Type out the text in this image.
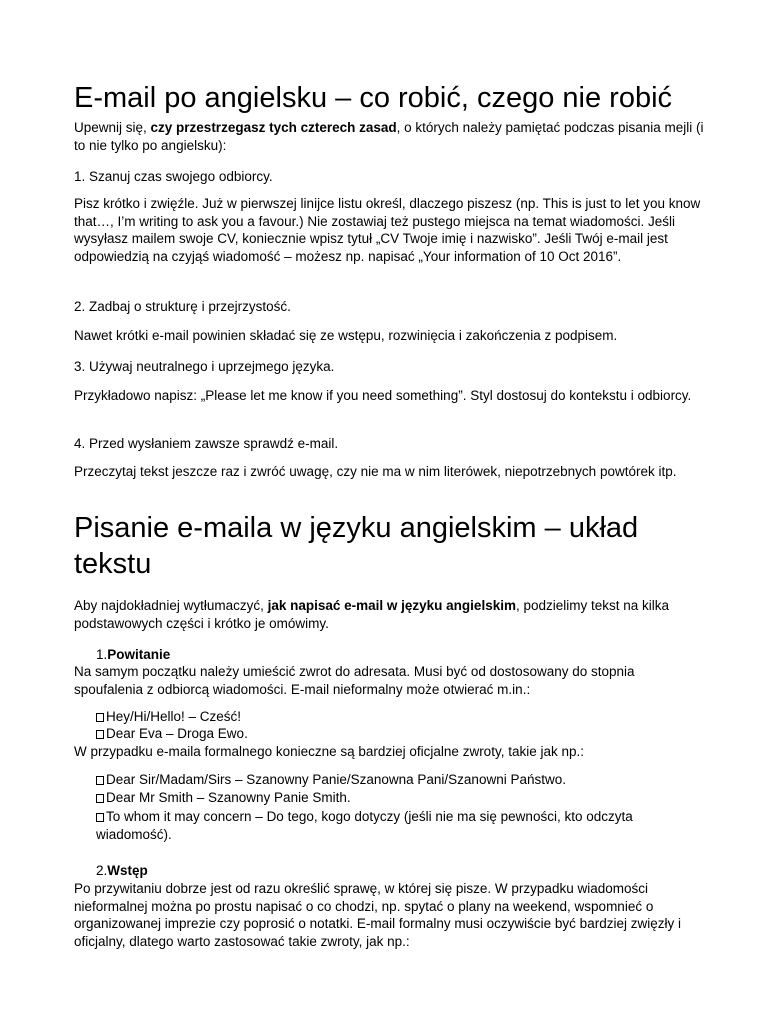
E-mail po angielsku – co robić, czego nie robić

Upewnij się, czy przestrzegasz tych czterech zasad, o których należy pamiętać podczas pisania mejli (i to nie tylko po angielsku):

1. Szanuj czas swojego odbiorcy.

Pisz krótko i zwięźle. Już w pierwszej linijce listu określ, dlaczego piszesz (np. This is just to let you know that…, I’m writing to ask you a favour.) Nie zostawiaj też pustego miejsca na temat wiadomości. Jeśli wysyłasz mailem swoje CV, koniecznie wpisz tytuł „CV Twoje imię i nazwisko”. Jeśli Twój e-mail jest odpowiedzią na czyjąś wiadomość – możesz np. napisać „Your information of 10 Oct 2016”.

2. Zadbaj o strukturę i przejrzystość.

Nawet krótki e-mail powinien składać się ze wstępu, rozwinięcia i zakończenia z podpisem.

3. Używaj neutralnego i uprzejmego języka.

Przykładowo napisz: „Please let me know if you need something”. Styl dostosuj do kontekstu i odbiorcy.

4. Przed wysłaniem zawsze sprawdź e-mail.

Przeczytaj tekst jeszcze raz i zwróć uwagę, czy nie ma w nim literówek, niepotrzebnych powtórek itp.

Pisanie e-maila w języku angielskim – układ tekstu

Aby najdokładniej wytłumaczyć, jak napisać e-mail w języku angielskim, podzielimy tekst na kilka podstawowych części i krótko je omówimy.

1.Powitanie

Na samym początku należy umieścić zwrot do adresata. Musi być od dostosowany do stopnia spoufalenia z odbiorcą wiadomości. E-mail nieformalny może otwierać m.in.:

Hey/Hi/Hello! – Cześć!

Dear Eva – Droga Ewo.

W przypadku e-maila formalnego konieczne są bardziej oficjalne zwroty, takie jak np.:

Dear Sir/Madam/Sirs – Szanowny Panie/Szanowna Pani/Szanowni Państwo.

Dear Mr Smith – Szanowny Panie Smith.

To whom it may concern – Do tego, kogo dotyczy (jeśli nie ma się pewności, kto odczyta wiadomość).

2.Wstęp

Po przywitaniu dobrze jest od razu określić sprawę, w której się pisze. W przypadku wiadomości nieformalnej można po prostu napisać o co chodzi, np. spytać o plany na weekend, wspomnieć o organizowanej imprezie czy poprosić o notatki. E-mail formalny musi oczywiście być bardziej zwięzły i oficjalny, dlatego warto zastosować takie zwroty, jak np.:
